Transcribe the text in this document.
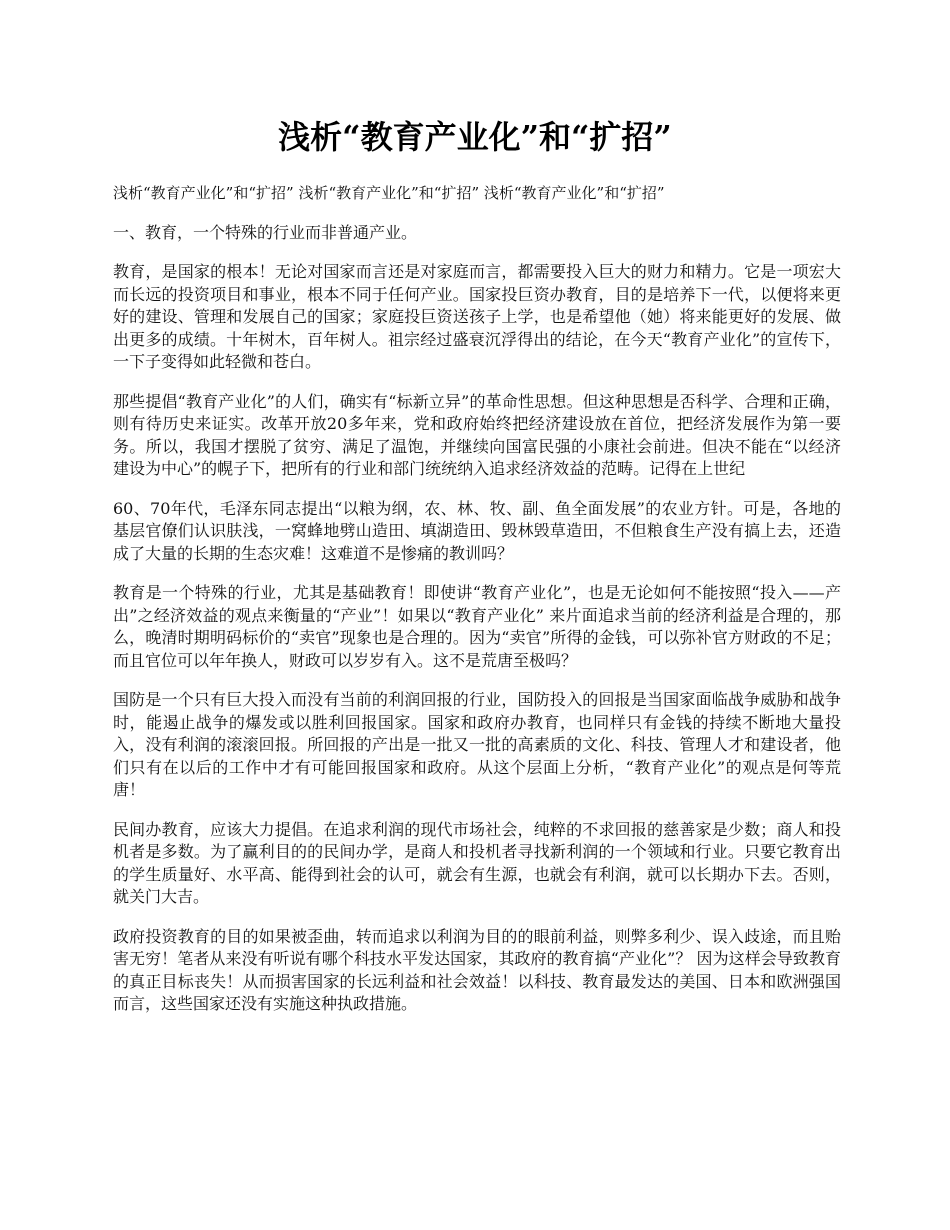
浅析“教育产业化”和“扩招”

浅析“教育产业化”和“扩招” 浅析“教育产业化”和“扩招” 浅析“教育产业化”和“扩招”

一、教育，一个特殊的行业而非普通产业。

教育，是国家的根本！无论对国家而言还是对家庭而言，都需要投入巨大的财力和精力。它是一项宏大而长远的投资项目和事业，根本不同于任何产业。国家投巨资办教育，目的是培养下一代，以便将来更好的建设、管理和发展自己的国家；家庭投巨资送孩子上学，也是希望他（她）将来能更好的发展、做出更多的成绩。十年树木，百年树人。祖宗经过盛衰沉浮得出的结论，在今天“教育产业化”的宣传下，一下子变得如此轻微和苍白。

那些提倡“教育产业化”的人们，确实有“标新立异”的革命性思想。但这种思想是否科学、合理和正确，则有待历史来证实。改革开放20多年来，党和政府始终把经济建设放在首位，把经济发展作为第一要务。所以，我国才摆脱了贫穷、满足了温饱，并继续向国富民强的小康社会前进。但决不能在“以经济建设为中心”的幌子下，把所有的行业和部门统统纳入追求经济效益的范畴。记得在上世纪

60、70年代，毛泽东同志提出“以粮为纲，农、林、牧、副、鱼全面发展”的农业方针。可是，各地的基层官僚们认识肤浅，一窝蜂地劈山造田、填湖造田、毁林毁草造田，不但粮食生产没有搞上去，还造成了大量的长期的生态灾难！这难道不是惨痛的教训吗？

教育是一个特殊的行业，尤其是基础教育！即使讲“教育产业化”，也是无论如何不能按照“投入——产出”之经济效益的观点来衡量的“产业”！如果以“教育产业化” 来片面追求当前的经济利益是合理的，那么，晚清时期明码标价的“卖官”现象也是合理的。因为“卖官”所得的金钱，可以弥补官方财政的不足；而且官位可以年年换人，财政可以岁岁有入。这不是荒唐至极吗？

国防是一个只有巨大投入而没有当前的利润回报的行业，国防投入的回报是当国家面临战争威胁和战争时，能遏止战争的爆发或以胜利回报国家。国家和政府办教育，也同样只有金钱的持续不断地大量投入，没有利润的滚滚回报。所回报的产出是一批又一批的高素质的文化、科技、管理人才和建设者，他们只有在以后的工作中才有可能回报国家和政府。从这个层面上分析，“教育产业化”的观点是何等荒唐！

民间办教育，应该大力提倡。在追求利润的现代市场社会，纯粹的不求回报的慈善家是少数；商人和投机者是多数。为了赢利目的的民间办学，是商人和投机者寻找新利润的一个领域和行业。只要它教育出的学生质量好、水平高、能得到社会的认可，就会有生源，也就会有利润，就可以长期办下去。否则，就关门大吉。

政府投资教育的目的如果被歪曲，转而追求以利润为目的的眼前利益，则弊多利少、误入歧途，而且贻害无穷！笔者从来没有听说有哪个科技水平发达国家，其政府的教育搞“产业化”？ 因为这样会导致教育的真正目标丧失！从而损害国家的长远利益和社会效益！以科技、教育最发达的美国、日本和欧洲强国而言，这些国家还没有实施这种执政措施。
